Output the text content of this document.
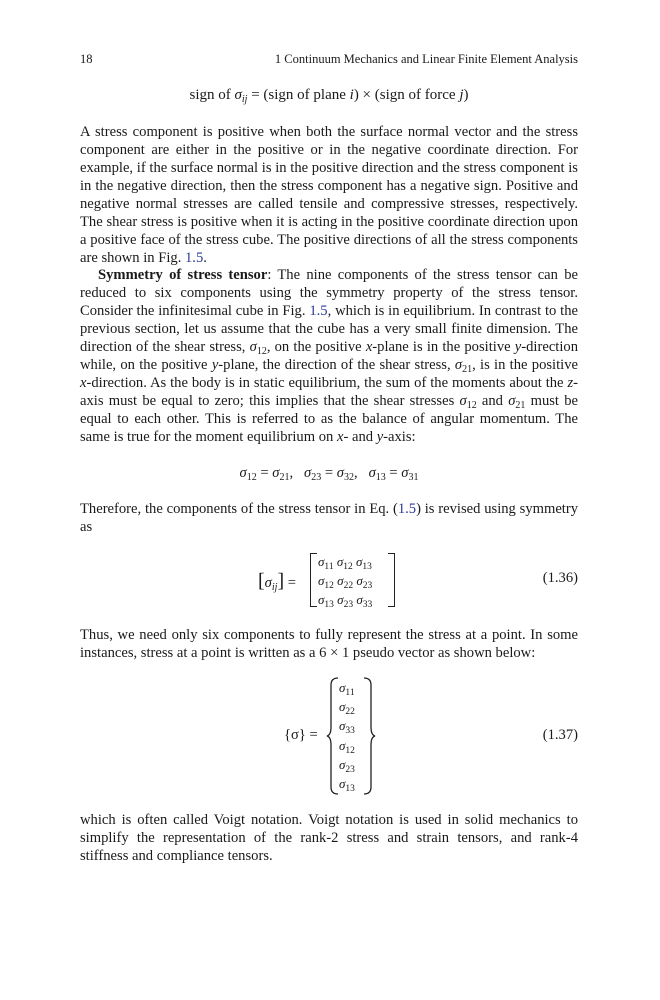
18	1 Continuum Mechanics and Linear Finite Element Analysis
sign of $\sigma_{ij}$ = (sign of plane i) × (sign of force j)

A stress component is positive when both the surface normal vector and the stress component are either in the positive or in the negative coordinate direction. For example, if the surface normal is in the positive direction and the stress component is in the negative direction, then the stress component has a negative sign. Positive and negative normal stresses are called tensile and compressive stresses, respectively. The shear stress is positive when it is acting in the positive coordinate direction upon a positive face of the stress cube. The positive directions of all the stress components are shown in Fig. 1.5.

Symmetry of stress tensor: The nine components of the stress tensor can be reduced to six components using the symmetry property of the stress tensor. Consider the infinitesimal cube in Fig. 1.5, which is in equilibrium. In contrast to the previous section, let us assume that the cube has a very small finite dimension. The direction of the shear stress, $\sigma_{12}$, on the positive x-plane is in the positive y-direction while, on the positive y-plane, the direction of the shear stress, $\sigma_{21}$, is in the positive x-direction. As the body is in static equilibrium, the sum of the moments about the z-axis must be equal to zero; this implies that the shear stresses $\sigma_{12}$ and $\sigma_{21}$ must be equal to each other. This is referred to as the balance of angular momentum. The same is true for the moment equilibrium on x- and y-axis:

$\sigma_{12} = \sigma_{21}$,   $\sigma_{23} = \sigma_{32}$,   $\sigma_{13} = \sigma_{31}$

Therefore, the components of the stress tensor in Eq. (1.5) is revised using symmetry as

$[\sigma_{ij}]$ =
$\sigma_{11}$ $\sigma_{12}$ $\sigma_{13}$
$\sigma_{12}$ $\sigma_{22}$ $\sigma_{23}$
$\sigma_{13}$ $\sigma_{23}$ $\sigma_{33}$
(1.36)

Thus, we need only six components to fully represent the stress at a point. In some instances, stress at a point is written as a 6 × 1 pseudo vector as shown below:

{σ} =
$\sigma_{11}$
$\sigma_{22}$
$\sigma_{33}$
$\sigma_{12}$
$\sigma_{23}$
$\sigma_{13}$
(1.37)

which is often called Voigt notation. Voigt notation is used in solid mechanics to simplify the representation of the rank-2 stress and strain tensors, and rank-4 stiffness and compliance tensors.
